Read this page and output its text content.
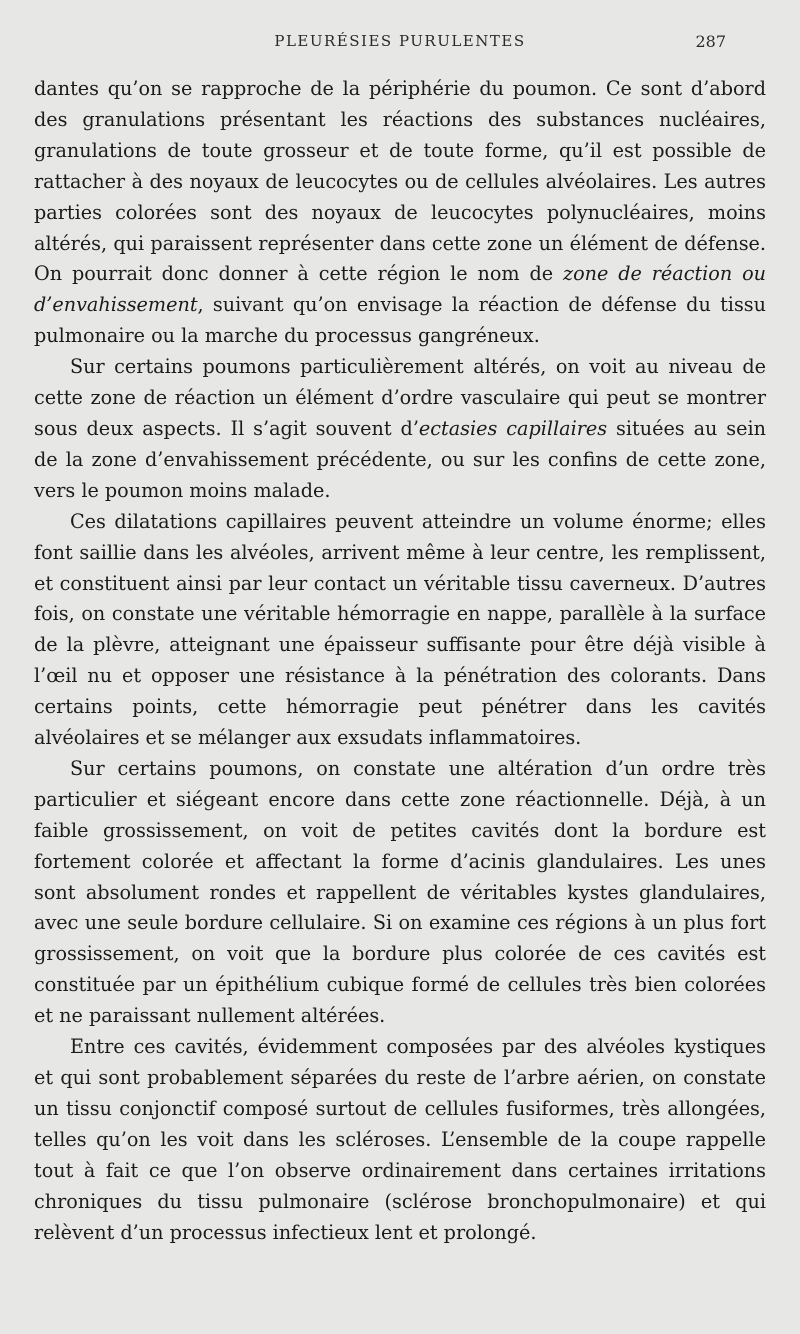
PLEURÉSIES PURULENTES	287

dantes qu’on se rapproche de la périphérie du poumon. Ce sont d’abord des granulations présentant les réactions des substances nucléaires, granulations de toute grosseur et de toute forme, qu’il est possible de rattacher à des noyaux de leucocytes ou de cellules alvéolaires. Les autres parties colorées sont des noyaux de leucocytes polynucléaires, moins altérés, qui paraissent représenter dans cette zone un élément de défense. On pourrait donc donner à cette région le nom de zone de réaction ou d’envahissement, suivant qu’on envisage la réaction de défense du tissu pulmonaire ou la marche du processus gangréneux.

Sur certains poumons particulièrement altérés, on voit au niveau de cette zone de réaction un élément d’ordre vasculaire qui peut se montrer sous deux aspects. Il s’agit souvent d’ectasies capillaires situées au sein de la zone d’envahissement précédente, ou sur les confins de cette zone, vers le poumon moins malade.

Ces dilatations capillaires peuvent atteindre un volume énorme; elles font saillie dans les alvéoles, arrivent même à leur centre, les remplissent, et constituent ainsi par leur contact un véritable tissu caverneux. D’autres fois, on constate une véritable hémorragie en nappe, parallèle à la surface de la plèvre, atteignant une épaisseur suffisante pour être déjà visible à l’œil nu et opposer une résistance à la pénétration des colorants. Dans certains points, cette hémorragie peut pénétrer dans les cavités alvéolaires et se mélanger aux exsudats inflammatoires.

Sur certains poumons, on constate une altération d’un ordre très particulier et siégeant encore dans cette zone réactionnelle. Déjà, à un faible grossissement, on voit de petites cavités dont la bordure est fortement colorée et affectant la forme d’acinis glandulaires. Les unes sont absolument rondes et rappellent de véritables kystes glandulaires, avec une seule bordure cellulaire. Si on examine ces régions à un plus fort grossissement, on voit que la bordure plus colorée de ces cavités est constituée par un épithélium cubique formé de cellules très bien colorées et ne paraissant nullement altérées.

Entre ces cavités, évidemment composées par des alvéoles kystiques et qui sont probablement séparées du reste de l’arbre aérien, on constate un tissu conjonctif composé surtout de cellules fusiformes, très allongées, telles qu’on les voit dans les scléroses. L’ensemble de la coupe rappelle tout à fait ce que l’on observe ordinairement dans certaines irritations chroniques du tissu pulmonaire (sclérose bronchopulmonaire) et qui relèvent d’un processus infectieux lent et prolongé.
